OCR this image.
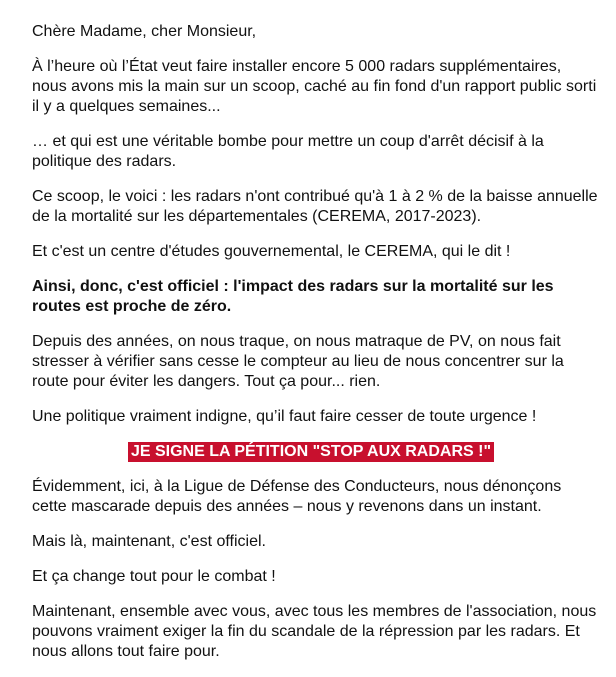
Chère Madame, cher Monsieur,

À l’heure où l’État veut faire installer encore 5 000 radars supplémentaires, nous avons mis la main sur un scoop, caché au fin fond d'un rapport public sorti il y a quelques semaines...

… et qui est une véritable bombe pour mettre un coup d'arrêt décisif à la politique des radars.

Ce scoop, le voici : les radars n'ont contribué qu'à 1 à 2 % de la baisse annuelle de la mortalité sur les départementales (CEREMA, 2017-2023).

Et c'est un centre d'études gouvernemental, le CEREMA, qui le dit !

Ainsi, donc, c'est officiel : l'impact des radars sur la mortalité sur les routes est proche de zéro.

Depuis des années, on nous traque, on nous matraque de PV, on nous fait stresser à vérifier sans cesse le compteur au lieu de nous concentrer sur la route pour éviter les dangers. Tout ça pour... rien.

Une politique vraiment indigne, qu’il faut faire cesser de toute urgence !

JE SIGNE LA PÉTITION "STOP AUX RADARS !"

Évidemment, ici, à la Ligue de Défense des Conducteurs, nous dénonçons cette mascarade depuis des années – nous y revenons dans un instant.

Mais là, maintenant, c'est officiel.

Et ça change tout pour le combat !

Maintenant, ensemble avec vous, avec tous les membres de l'association, nous pouvons vraiment exiger la fin du scandale de la répression par les radars. Et nous allons tout faire pour.
